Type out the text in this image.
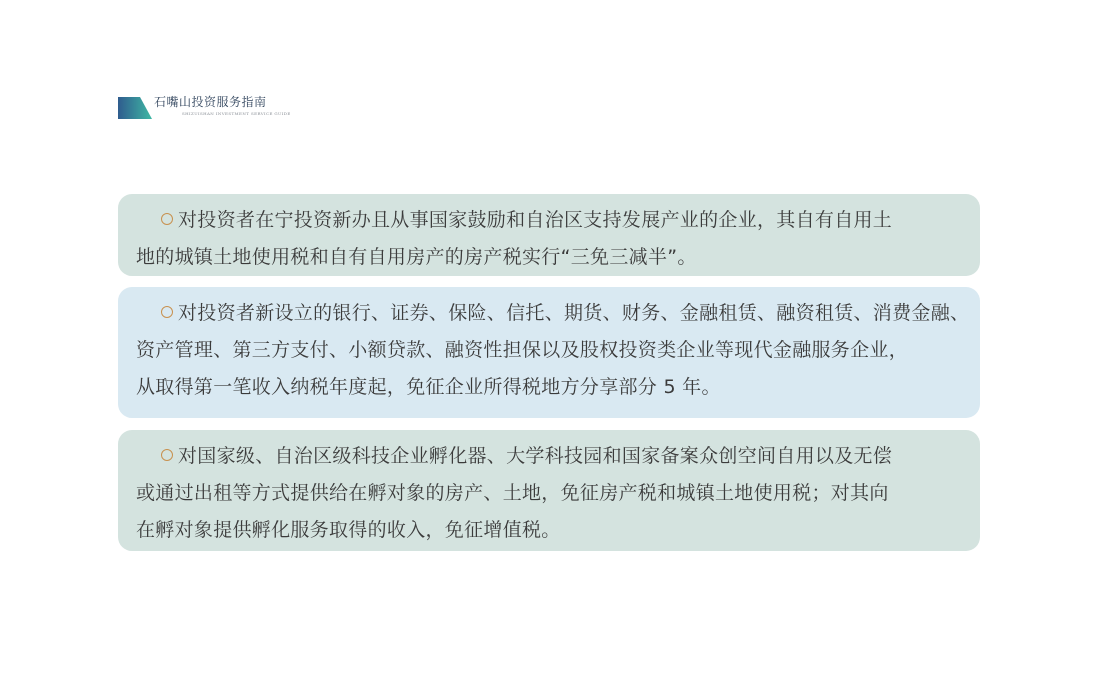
石嘴山投资服务指南
SHIZUISHAN INVESTMENT SERVICE GUIDE
对投资者在宁投资新办且从事国家鼓励和自治区支持发展产业的企业，其自有自用土
地的城镇土地使用税和自有自用房产的房产税实行“三免三减半”。
对投资者新设立的银行、证券、保险、信托、期货、财务、金融租赁、融资租赁、消费金融、
资产管理、第三方支付、小额贷款、融资性担保以及股权投资类企业等现代金融服务企业，
从取得第一笔收入纳税年度起，免征企业所得税地方分享部分 5 年。
对国家级、自治区级科技企业孵化器、大学科技园和国家备案众创空间自用以及无偿
或通过出租等方式提供给在孵对象的房产、土地，免征房产税和城镇土地使用税；对其向
在孵对象提供孵化服务取得的收入，免征增值税。
